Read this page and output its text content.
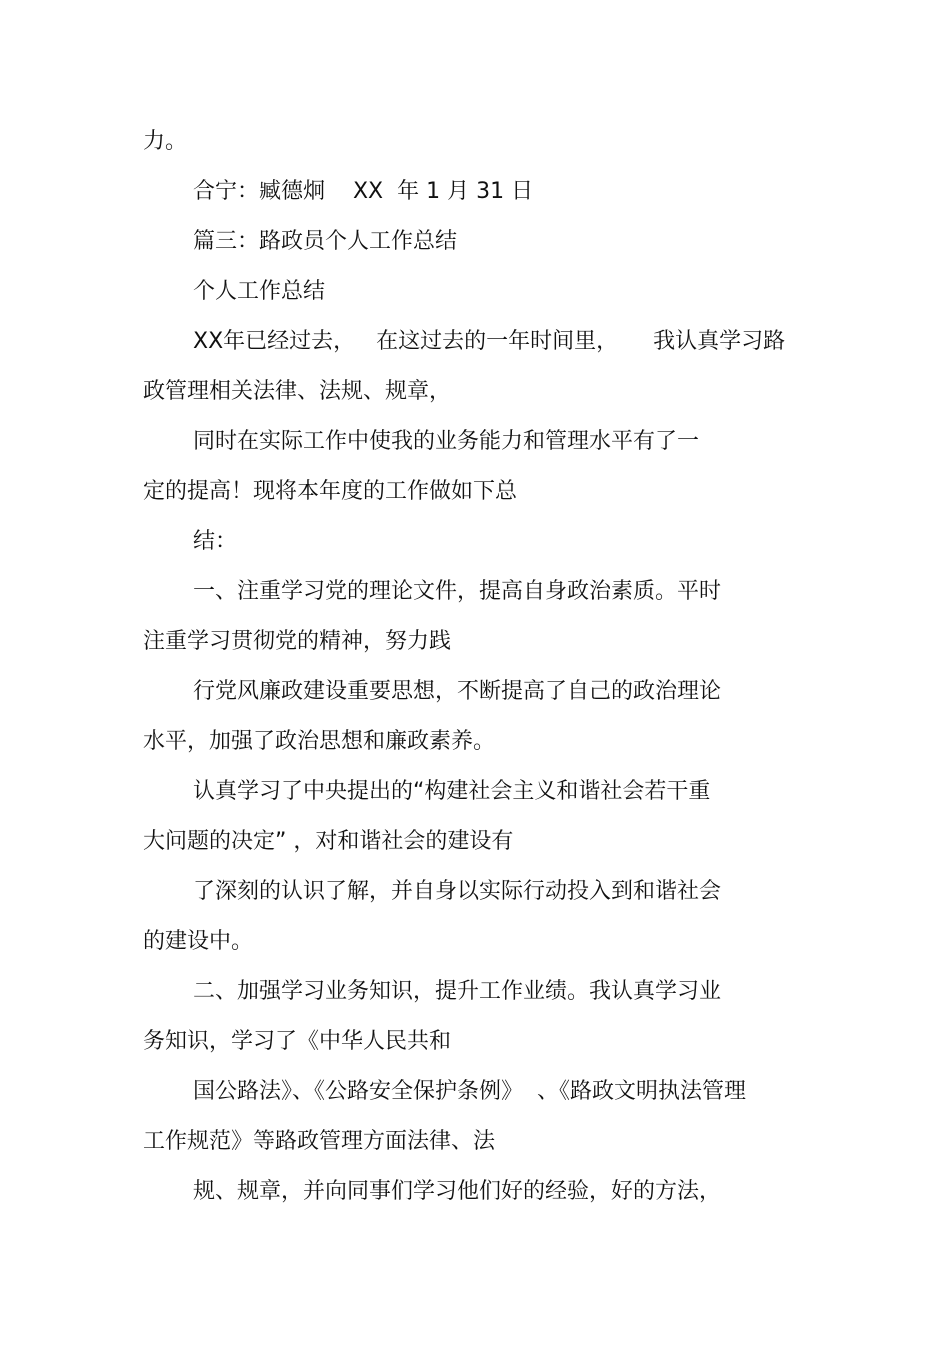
力。
合宁：臧德炯    XX  年 1 月 31 日
篇三：路政员个人工作总结
个人工作总结
XX年已经过去，   在这过去的一年时间里，     我认真学习路
政管理相关法律、法规、规章，
同时在实际工作中使我的业务能力和管理水平有了一
定的提高！现将本年度的工作做如下总
结：
一、注重学习党的理论文件，提高自身政治素质。平时
注重学习贯彻党的精神，努力践
行党风廉政建设重要思想，不断提高了自己的政治理论
水平，加强了政治思想和廉政素养。
认真学习了中央提出的“构建社会主义和谐社会若干重
大问题的决定” ，对和谐社会的建设有
了深刻的认识了解，并自身以实际行动投入到和谐社会
的建设中。
二、加强学习业务知识，提升工作业绩。我认真学习业
务知识，学习了《中华人民共和
国公路法》、《公路安全保护条例》  、《路政文明执法管理
工作规范》等路政管理方面法律、法
规、规章，并向同事们学习他们好的经验，好的方法，
